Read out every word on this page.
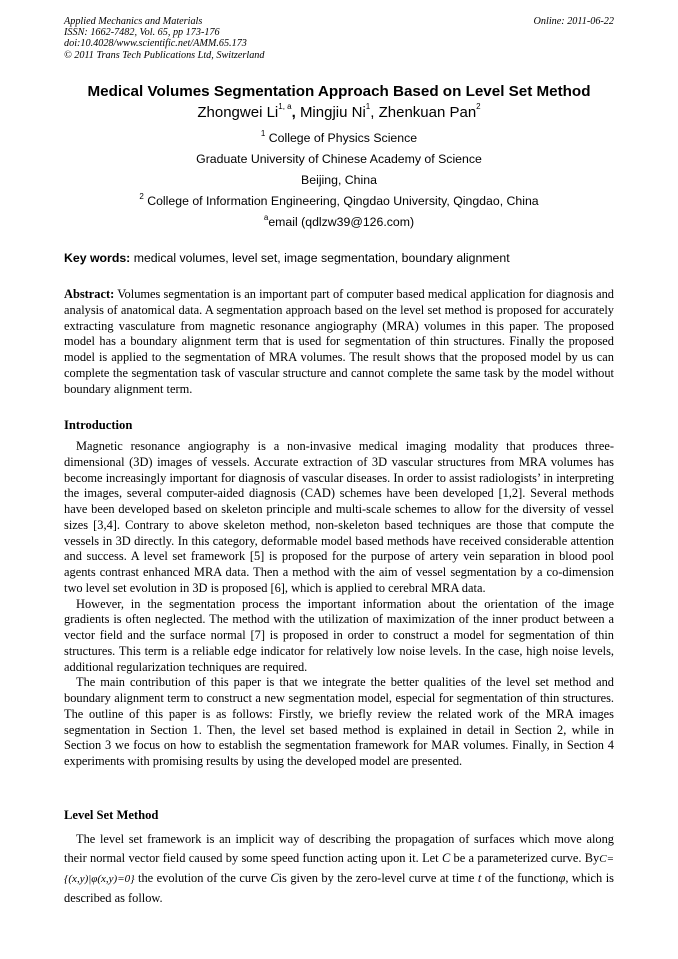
Applied Mechanics and Materials
ISSN: 1662-7482, Vol. 65, pp 173-176
doi:10.4028/www.scientific.net/AMM.65.173
© 2011 Trans Tech Publications Ltd, Switzerland
Online: 2011-06-22
Medical Volumes Segmentation Approach Based on Level Set Method
Zhongwei Li$^{1, a}$, Mingjiu Ni$^1$, Zhenkuan Pan$^2$
$^1$ College of Physics Science
Graduate University of Chinese Academy of Science
Beijing, China
$^2$ College of Information Engineering, Qingdao University, Qingdao, China
$^a$email (qdlzw39@126.com)
Key words: medical volumes, level set, image segmentation, boundary alignment

Abstract: Volumes segmentation is an important part of computer based medical application for diagnosis and analysis of anatomical data. A segmentation approach based on the level set method is proposed for accurately extracting vasculature from magnetic resonance angiography (MRA) volumes in this paper. The proposed model has a boundary alignment term that is used for segmentation of thin structures. Finally the proposed model is applied to the segmentation of MRA volumes. The result shows that the proposed model by us can complete the segmentation task of vascular structure and cannot complete the same task by the model without boundary alignment term.

Introduction

Magnetic resonance angiography is a non-invasive medical imaging modality that produces three-dimensional (3D) images of vessels. Accurate extraction of 3D vascular structures from MRA volumes has become increasingly important for diagnosis of vascular diseases. In order to assist radiologists’ in interpreting the images, several computer-aided diagnosis (CAD) schemes have been developed [1,2]. Several methods have been developed based on skeleton principle and multi-scale schemes to allow for the diversity of vessel sizes [3,4]. Contrary to above skeleton method, non-skeleton based techniques are those that compute the vessels in 3D directly. In this category, deformable model based methods have received considerable attention and success. A level set framework [5] is proposed for the purpose of artery vein separation in blood pool agents contrast enhanced MRA data. Then a method with the aim of vessel segmentation by a co-dimension two level set evolution in 3D is proposed [6], which is applied to cerebral MRA data.

However, in the segmentation process the important information about the orientation of the image gradients is often neglected. The method with the utilization of maximization of the inner product between a vector field and the surface normal [7] is proposed in order to construct a model for segmentation of thin structures. This term is a reliable edge indicator for relatively low noise levels. In the case, high noise levels, additional regularization techniques are required.

The main contribution of this paper is that we integrate the better qualities of the level set method and boundary alignment term to construct a new segmentation model, especial for segmentation of thin structures. The outline of this paper is as follows: Firstly, we briefly review the related work of the MRA images segmentation in Section 1. Then, the level set based method is explained in detail in Section 2, while in Section 3 we focus on how to establish the segmentation framework for MAR volumes. Finally, in Section 4 experiments with promising results by using the developed model are presented.

Level Set Method

The level set framework is an implicit way of describing the propagation of surfaces which move along their normal vector field caused by some speed function acting upon it. Let C be a parameterized curve. ByC={(x,y)|φ(x,y)=0} the evolution of the curve Cis given by the zero-level curve at time t of the functionφ, which is described as follow.
